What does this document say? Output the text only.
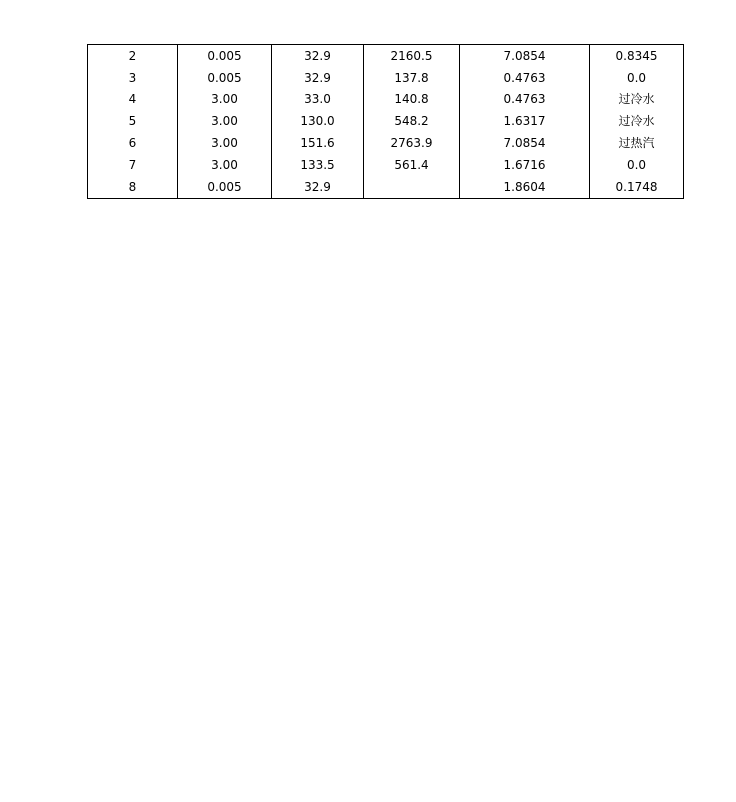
2	0.005	32.9	2160.5	7.0854	0.8345
3	0.005	32.9	137.8	0.4763	0.0
4	3.00	33.0	140.8	0.4763	过冷水
5	3.00	130.0	548.2	1.6317	过冷水
6	3.00	151.6	2763.9	7.0854	过热汽
7	3.00	133.5	561.4	1.6716	0.0
8	0.005	32.9		1.8604	0.1748
